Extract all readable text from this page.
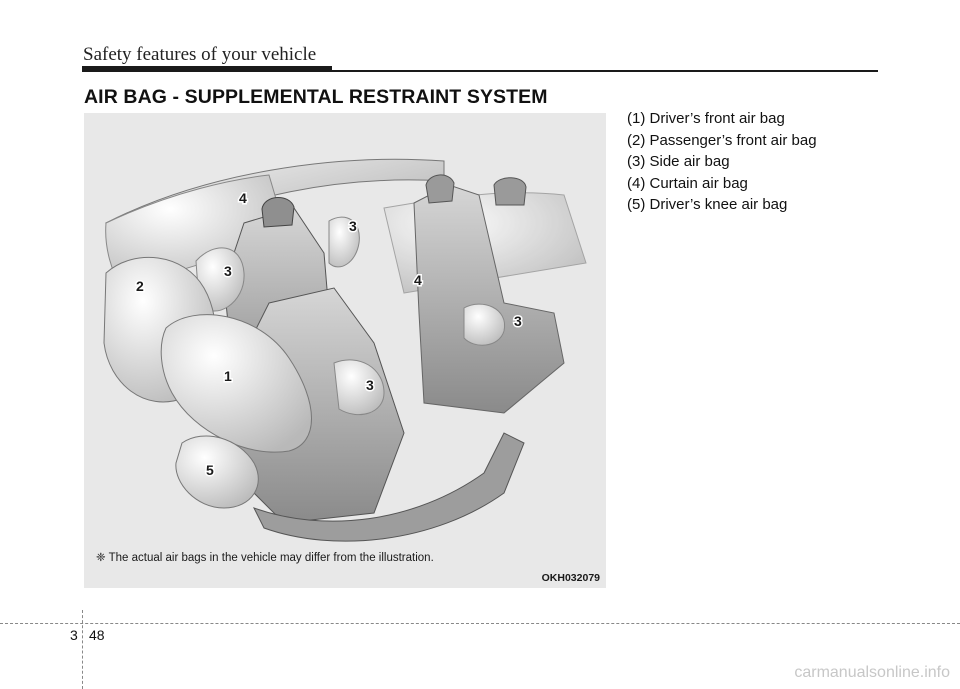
Safety features of your vehicle
AIR BAG - SUPPLEMENTAL RESTRAINT SYSTEM
4
3
2
3
4
3
1
3
5
❈ The actual air bags in the vehicle may differ from the illustration.
OKH032079
(1) Driver’s front air bag
(2) Passenger’s front air bag
(3) Side air bag
(4) Curtain air bag
(5) Driver’s knee air bag
3 48
carmanualsonline.info
